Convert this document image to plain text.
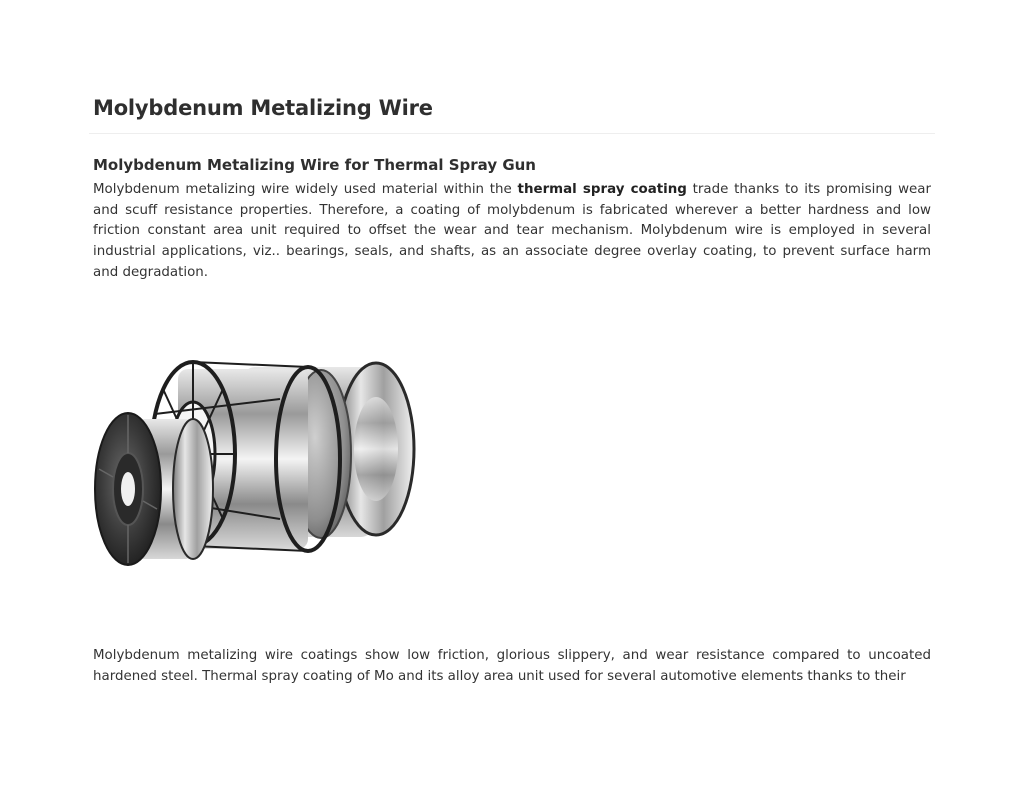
Molybdenum Metalizing Wire
Molybdenum Metalizing Wire for Thermal Spray Gun

Molybdenum metalizing wire widely used material within the thermal spray coating trade thanks to its promising wear and scuff resistance properties. Therefore, a coating of molybdenum is fabricated wherever a better hardness and low friction constant area unit required to offset the wear and tear mechanism. Molybdenum wire is employed in several industrial applications, viz.. bearings, seals, and shafts, as an associate degree overlay coating, to prevent surface harm and degradation.

Molybdenum metalizing wire coatings show low friction, glorious slippery, and wear resistance compared to uncoated hardened steel. Thermal spray coating of Mo and its alloy area unit used for several automotive elements thanks to their
